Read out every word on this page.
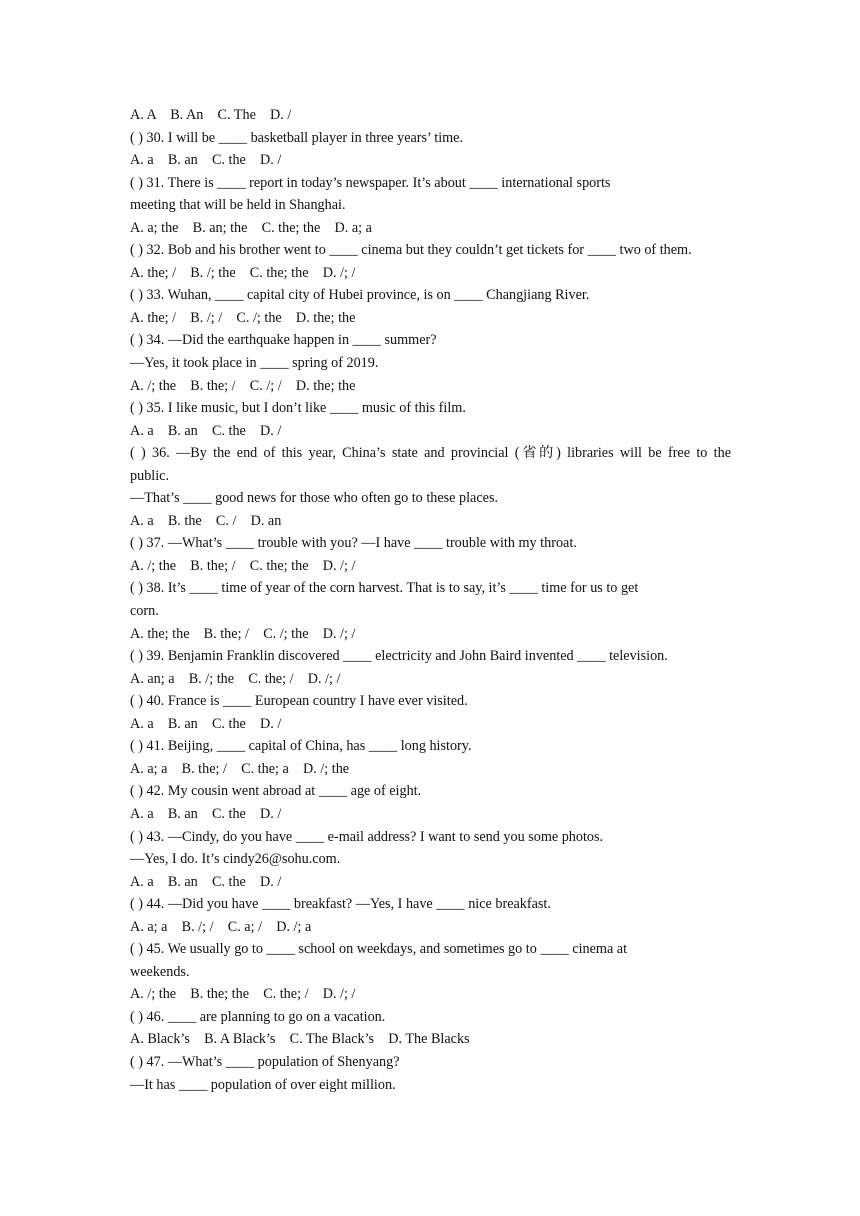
A. A    B. An    C. The    D. /
( ) 30. I will be ____ basketball player in three years’ time.
A. a    B. an    C. the    D. /
( ) 31. There is ____ report in today’s newspaper. It’s about ____ international sports
meeting that will be held in Shanghai.
A. a; the    B. an; the    C. the; the    D. a; a
( ) 32. Bob and his brother went to ____ cinema but they couldn’t get tickets for ____ two of them.
A. the; /    B. /; the    C. the; the    D. /; /
( ) 33. Wuhan, ____ capital city of Hubei province, is on ____ Changjiang River.
A. the; /    B. /; /    C. /; the    D. the; the
( ) 34. —Did the earthquake happen in ____ summer?
—Yes, it took place in ____ spring of 2019.
A. /; the    B. the; /    C. /; /    D. the; the
( ) 35. I like music, but I don’t like ____ music of this film.
A. a    B. an    C. the    D. /
( ) 36. —By the end of this year, China’s state and provincial (省的) libraries will be free to the
public.
—That’s ____ good news for those who often go to these places.
A. a    B. the    C. /    D. an
( ) 37. —What’s ____ trouble with you? —I have ____ trouble with my throat.
A. /; the    B. the; /    C. the; the    D. /; /
( ) 38. It’s ____ time of year of the corn harvest. That is to say, it’s ____ time for us to get
corn.
A. the; the    B. the; /    C. /; the    D. /; /
( ) 39. Benjamin Franklin discovered ____ electricity and John Baird invented ____ television.
A. an; a    B. /; the    C. the; /    D. /; /
( ) 40. France is ____ European country I have ever visited.
A. a    B. an    C. the    D. /
( ) 41. Beijing, ____ capital of China, has ____ long history.
A. a; a    B. the; /    C. the; a    D. /; the
( ) 42. My cousin went abroad at ____ age of eight.
A. a    B. an    C. the    D. /
( ) 43. —Cindy, do you have ____ e-mail address? I want to send you some photos.
—Yes, I do. It’s cindy26@sohu.com.
A. a    B. an    C. the    D. /
( ) 44. —Did you have ____ breakfast? —Yes, I have ____ nice breakfast.
A. a; a    B. /; /    C. a; /    D. /; a
( ) 45. We usually go to ____ school on weekdays, and sometimes go to ____ cinema at
weekends.
A. /; the    B. the; the    C. the; /    D. /; /
( ) 46. ____ are planning to go on a vacation.
A. Black’s    B. A Black’s    C. The Black’s    D. The Blacks
( ) 47. —What’s ____ population of Shenyang?
—It has ____ population of over eight million.
